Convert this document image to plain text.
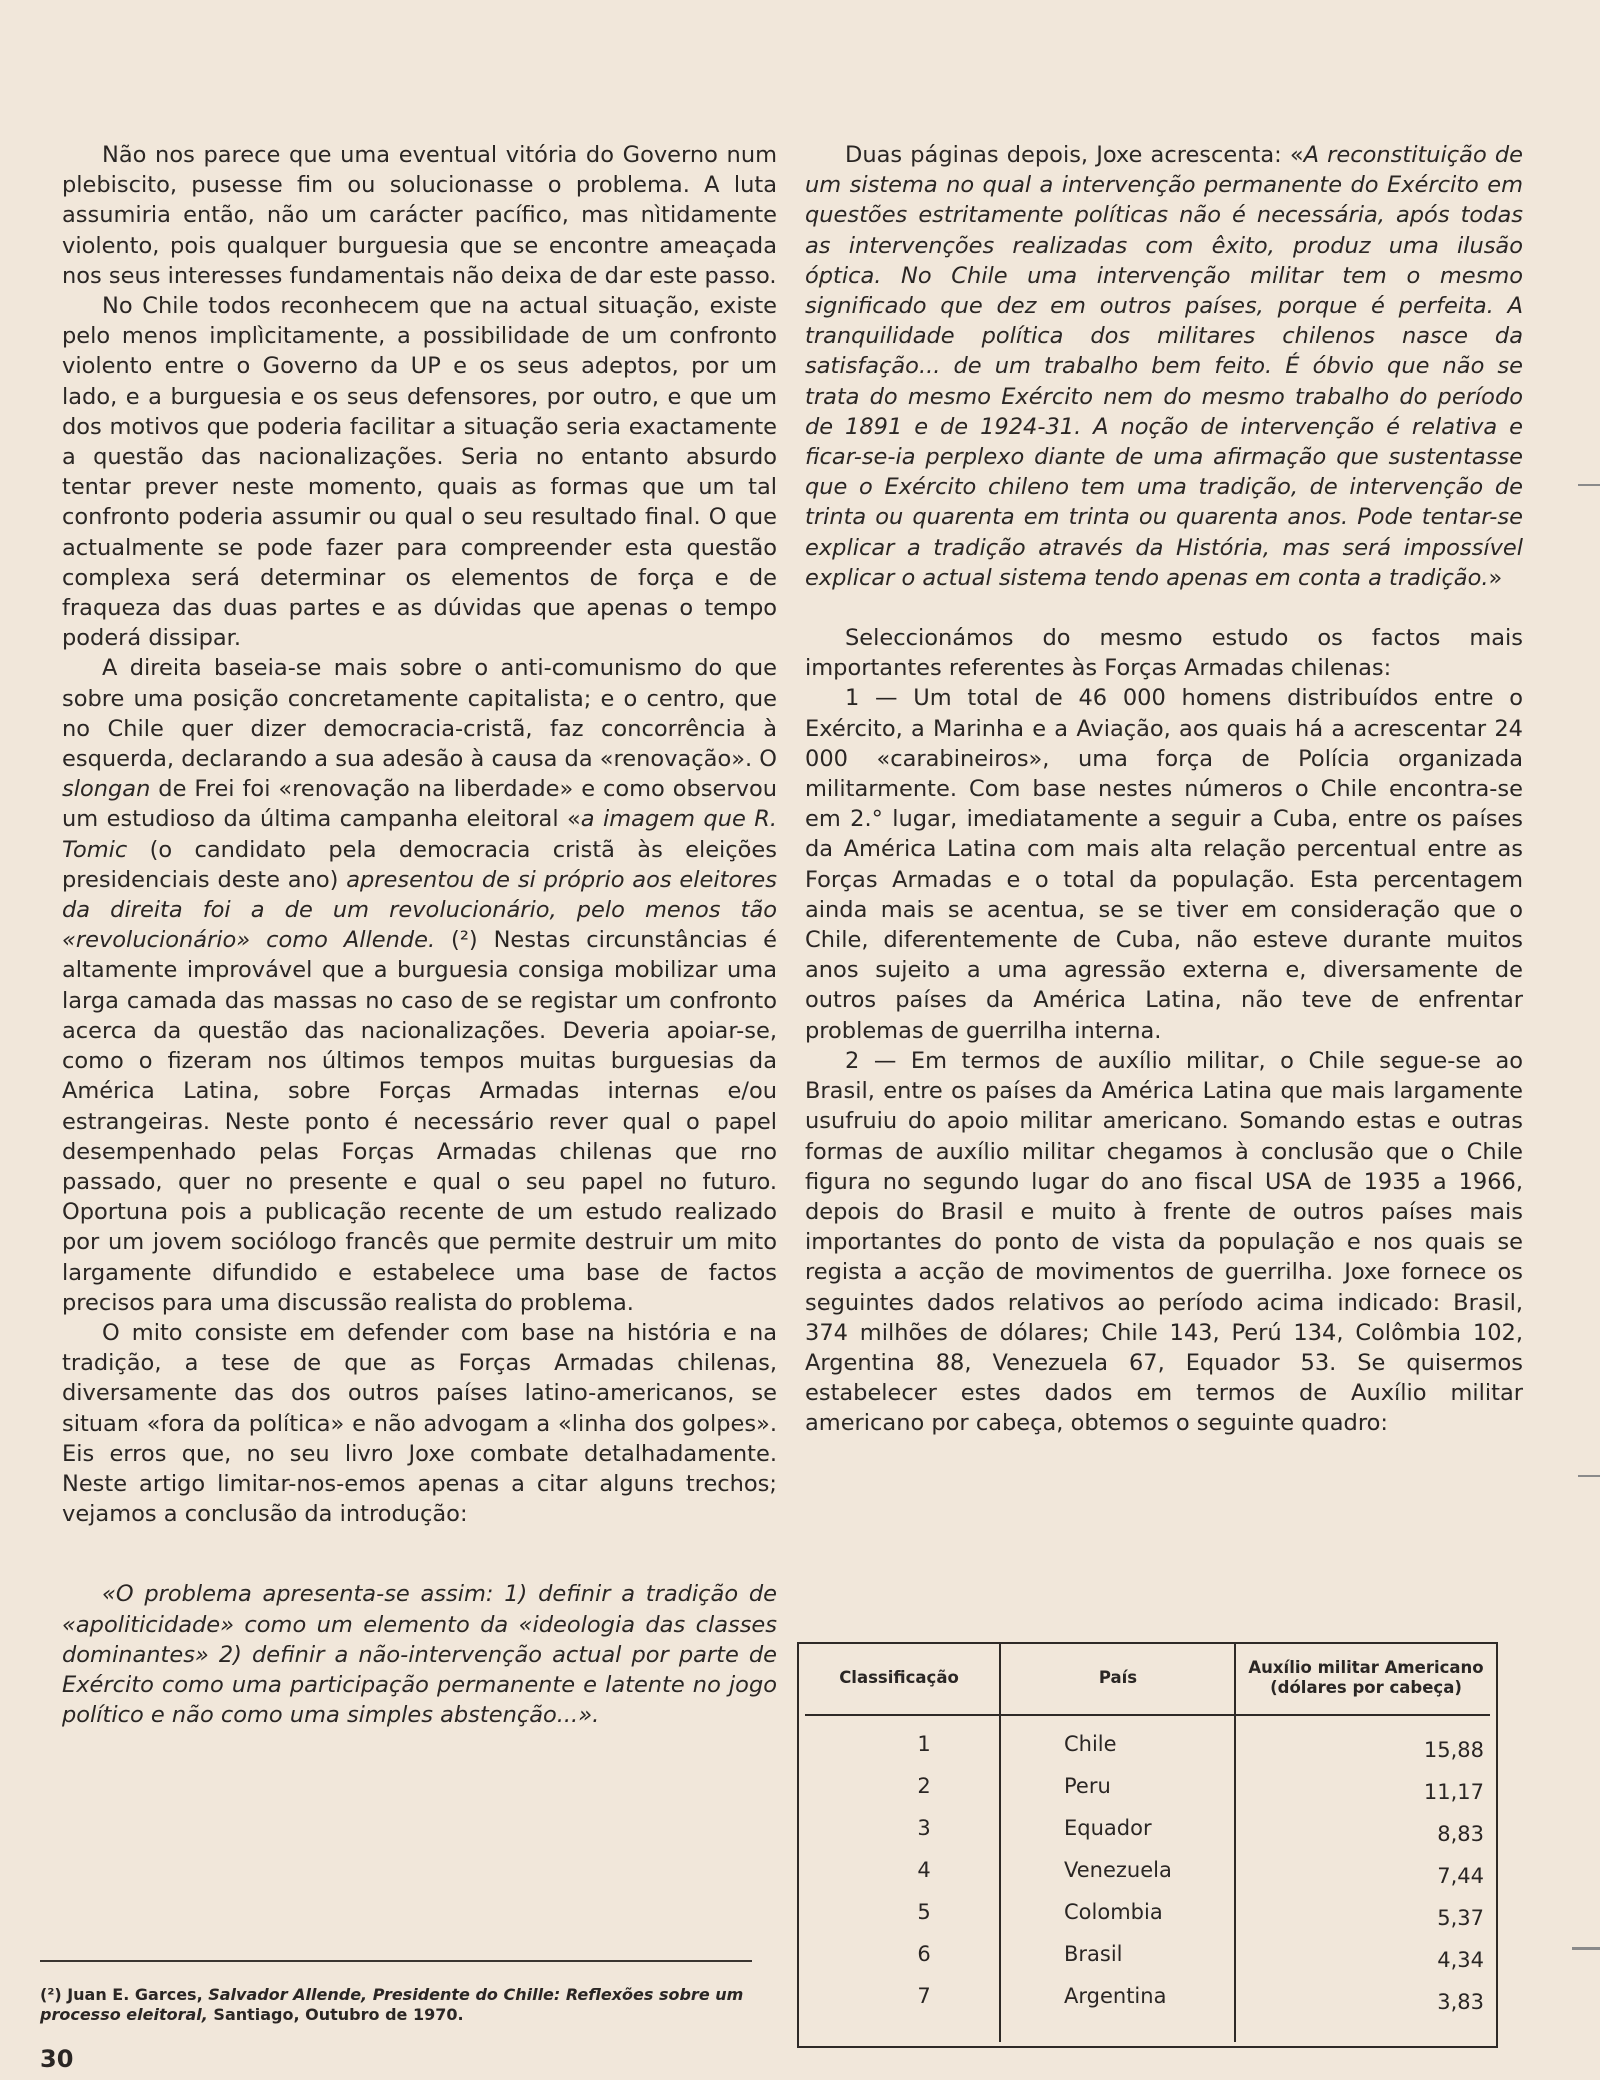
Não nos parece que uma eventual vitória do Governo num plebiscito, pusesse fim ou solucionasse o problema. A luta assumiria então, não um carácter pacífico, mas nìtidamente violento, pois qualquer burguesia que se encontre ameaçada nos seus interesses fundamentais não deixa de dar este passo.

No Chile todos reconhecem que na actual situação, existe pelo menos implìcitamente, a possibilidade de um confronto violento entre o Governo da UP e os seus adeptos, por um lado, e a burguesia e os seus defensores, por outro, e que um dos motivos que poderia facilitar a situação seria exactamente a questão das nacionalizações. Seria no entanto absurdo tentar prever neste momento, quais as formas que um tal confronto poderia assumir ou qual o seu resultado final. O que actualmente se pode fazer para compreender esta questão complexa será determinar os elementos de força e de fraqueza das duas partes e as dúvidas que apenas o tempo poderá dissipar.

A direita baseia-se mais sobre o anti-comunismo do que sobre uma posição concretamente capitalista; e o centro, que no Chile quer dizer democracia-cristã, faz concorrência à esquerda, declarando a sua adesão à causa da «renovação». O slongan de Frei foi «renovação na liberdade» e como observou um estudioso da última campanha eleitoral «a imagem que R. Tomic (o candidato pela democracia cristã às eleições presidenciais deste ano) apresentou de si próprio aos eleitores da direita foi a de um revolucionário, pelo menos tão «revolucionário» como Allende. (²) Nestas circunstâncias é altamente improvável que a burguesia consiga mobilizar uma larga camada das massas no caso de se registar um confronto acerca da questão das nacionalizações. Deveria apoiar-se, como o fizeram nos últimos tempos muitas burguesias da América Latina, sobre Forças Armadas internas e/ou estrangeiras. Neste ponto é necessário rever qual o papel desempenhado pelas Forças Armadas chilenas que rno passado, quer no presente e qual o seu papel no futuro. Oportuna pois a publicação recente de um estudo realizado por um jovem sociólogo francês que permite destruir um mito largamente difundido e estabelece uma base de factos precisos para uma discussão realista do problema.

O mito consiste em defender com base na história e na tradição, a tese de que as Forças Armadas chilenas, diversamente das dos outros países latino-americanos, se situam «fora da política» e não advogam a «linha dos golpes». Eis erros que, no seu livro Joxe combate detalhadamente. Neste artigo limitar-nos-emos apenas a citar alguns trechos; vejamos a conclusão da introdução:

«O problema apresenta-se assim: 1) definir a tradição de «apoliticidade» como um elemento da «ideologia das classes dominantes» 2) definir a não-intervenção actual por parte de Exército como uma participação permanente e latente no jogo político e não como uma simples abstenção...».

(²) Juan E. Garces, Salvador Allende, Presidente do Chille: Reflexões sobre um processo eleitoral, Santiago, Outubro de 1970.
30

Duas páginas depois, Joxe acrescenta: «A reconstituição de um sistema no qual a intervenção permanente do Exército em questões estritamente políticas não é necessária, após todas as intervenções realizadas com êxito, produz uma ilusão óptica. No Chile uma intervenção militar tem o mesmo significado que dez em outros países, porque é perfeita. A tranquilidade política dos militares chilenos nasce da satisfação... de um trabalho bem feito. É óbvio que não se trata do mesmo Exército nem do mesmo trabalho do período de 1891 e de 1924-31. A noção de intervenção é relativa e ficar-se-ia perplexo diante de uma afirmação que sustentasse que o Exército chileno tem uma tradição, de intervenção de trinta ou quarenta em trinta ou quarenta anos. Pode tentar-se explicar a tradição através da História, mas será impossível explicar o actual sistema tendo apenas em conta a tradição.»

Seleccionámos do mesmo estudo os factos mais importantes referentes às Forças Armadas chilenas:

1 — Um total de 46 000 homens distribuídos entre o Exército, a Marinha e a Aviação, aos quais há a acrescentar 24 000 «carabineiros», uma força de Polícia organizada militarmente. Com base nestes números o Chile encontra-se em 2.° lugar, imediatamente a seguir a Cuba, entre os países da América Latina com mais alta relação percentual entre as Forças Armadas e o total da população. Esta percentagem ainda mais se acentua, se se tiver em consideração que o Chile, diferentemente de Cuba, não esteve durante muitos anos sujeito a uma agressão externa e, diversamente de outros países da América Latina, não teve de enfrentar problemas de guerrilha interna.

2 — Em termos de auxílio militar, o Chile segue-se ao Brasil, entre os países da América Latina que mais largamente usufruiu do apoio militar americano. Somando estas e outras formas de auxílio militar chegamos à conclusão que o Chile figura no segundo lugar do ano fiscal USA de 1935 a 1966, depois do Brasil e muito à frente de outros países mais importantes do ponto de vista da população e nos quais se regista a acção de movimentos de guerrilha. Joxe fornece os seguintes dados relativos ao período acima indicado: Brasil, 374 milhões de dólares; Chile 143, Perú 134, Colômbia 102, Argentina 88, Venezuela 67, Equador 53. Se quisermos estabelecer estes dados em termos de Auxílio militar americano por cabeça, obtemos o seguinte quadro:

Classificação	País
Auxílio militar Americano
(dólares por cabeça)
1	Chile	15,88
2	Peru	11,17
3	Equador	8,83
4	Venezuela	7,44
5	Colombia	5,37
6	Brasil	4,34
7	Argentina	3,83
